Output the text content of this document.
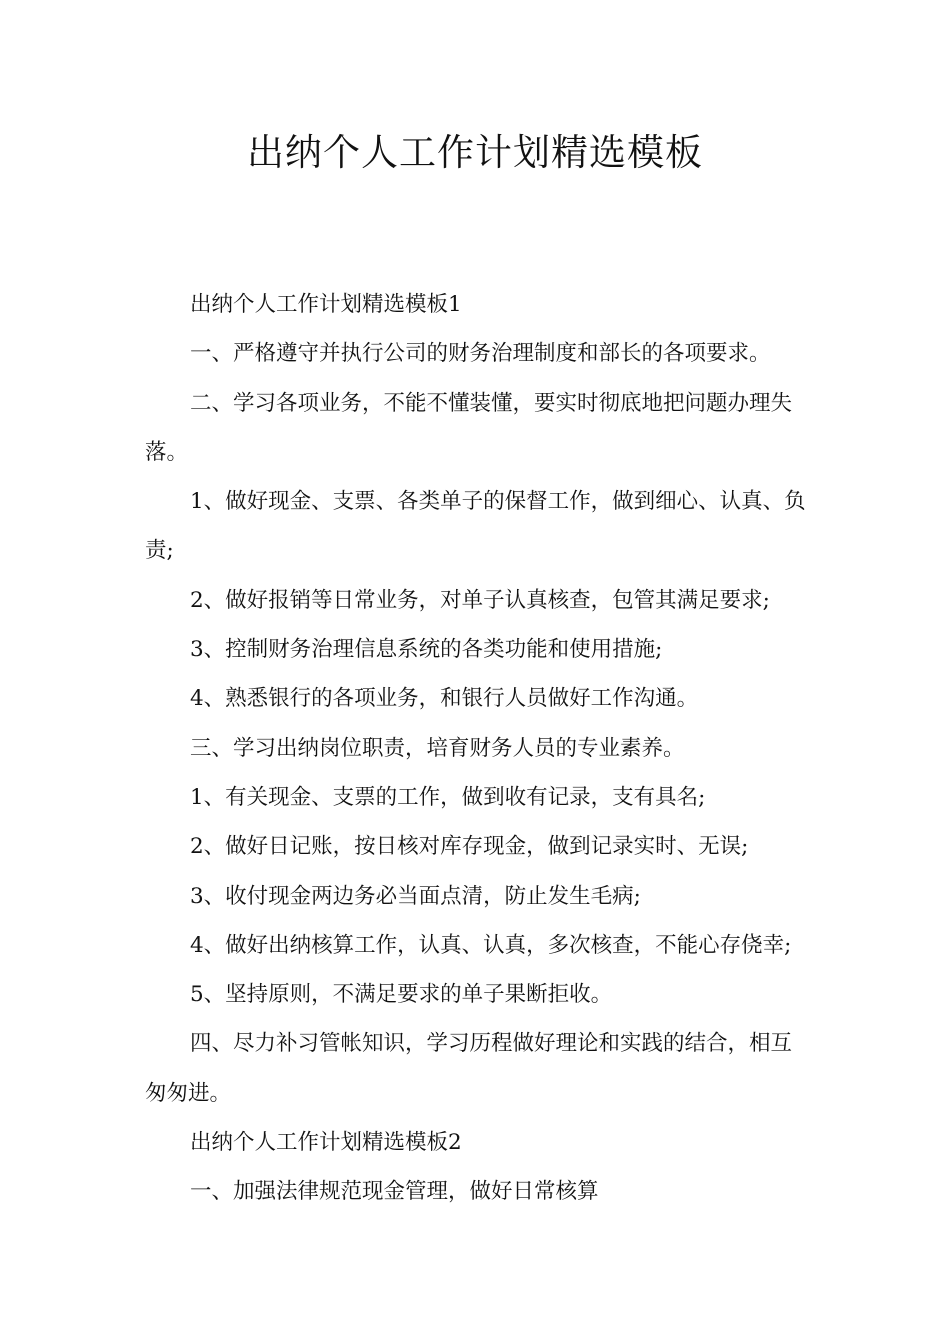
出纳个人工作计划精选模板

出纳个人工作计划精选模板1

一、严格遵守并执行公司的财务治理制度和部长的各项要求。

二、学习各项业务，不能不懂装懂，要实时彻底地把问题办理失落。

1、做好现金、支票、各类单子的保督工作，做到细心、认真、负责;

2、做好报销等日常业务，对单子认真核查，包管其满足要求;

3、控制财务治理信息系统的各类功能和使用措施;

4、熟悉银行的各项业务，和银行人员做好工作沟通。

三、学习出纳岗位职责，培育财务人员的专业素养。

1、有关现金、支票的工作，做到收有记录，支有具名;

2、做好日记账，按日核对库存现金，做到记录实时、无误;

3、收付现金两边务必当面点清，防止发生毛病;

4、做好出纳核算工作，认真、认真，多次核查，不能心存侥幸;

5、坚持原则，不满足要求的单子果断拒收。

四、尽力补习管帐知识，学习历程做好理论和实践的结合，相互匆匆进。

出纳个人工作计划精选模板2

一、加强法律规范现金管理，做好日常核算
